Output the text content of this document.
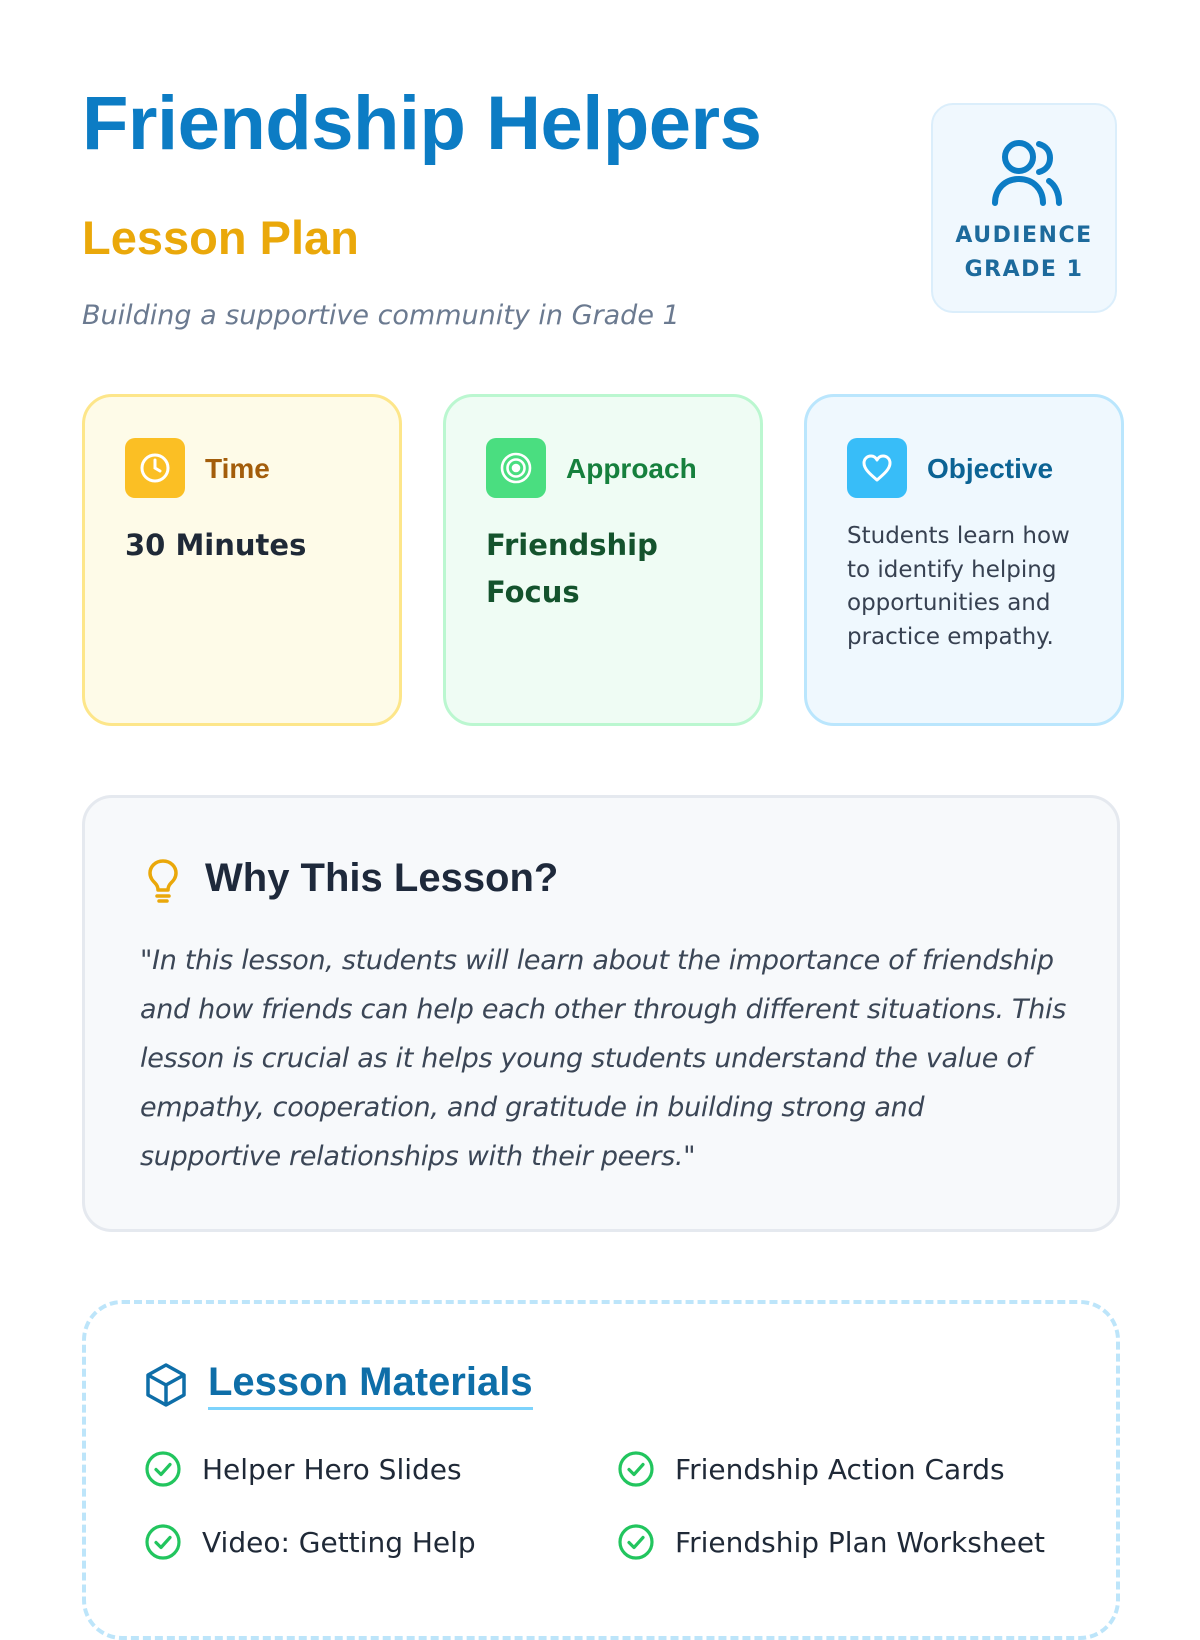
Friendship Helpers
Lesson Plan
Building a supportive community in Grade 1
AUDIENCE
GRADE 1
Time
30 Minutes
Approach
Friendship Focus
Objective
Students learn how to identify helping opportunities and practice empathy.
Why This Lesson?
"In this lesson, students will learn about the importance of friendship and how friends can help each other through different situations. This lesson is crucial as it helps young students understand the value of empathy, cooperation, and gratitude in building strong and supportive relationships with their peers."
Lesson Materials
Helper Hero Slides	Friendship Action Cards
Video: Getting Help	Friendship Plan Worksheet
